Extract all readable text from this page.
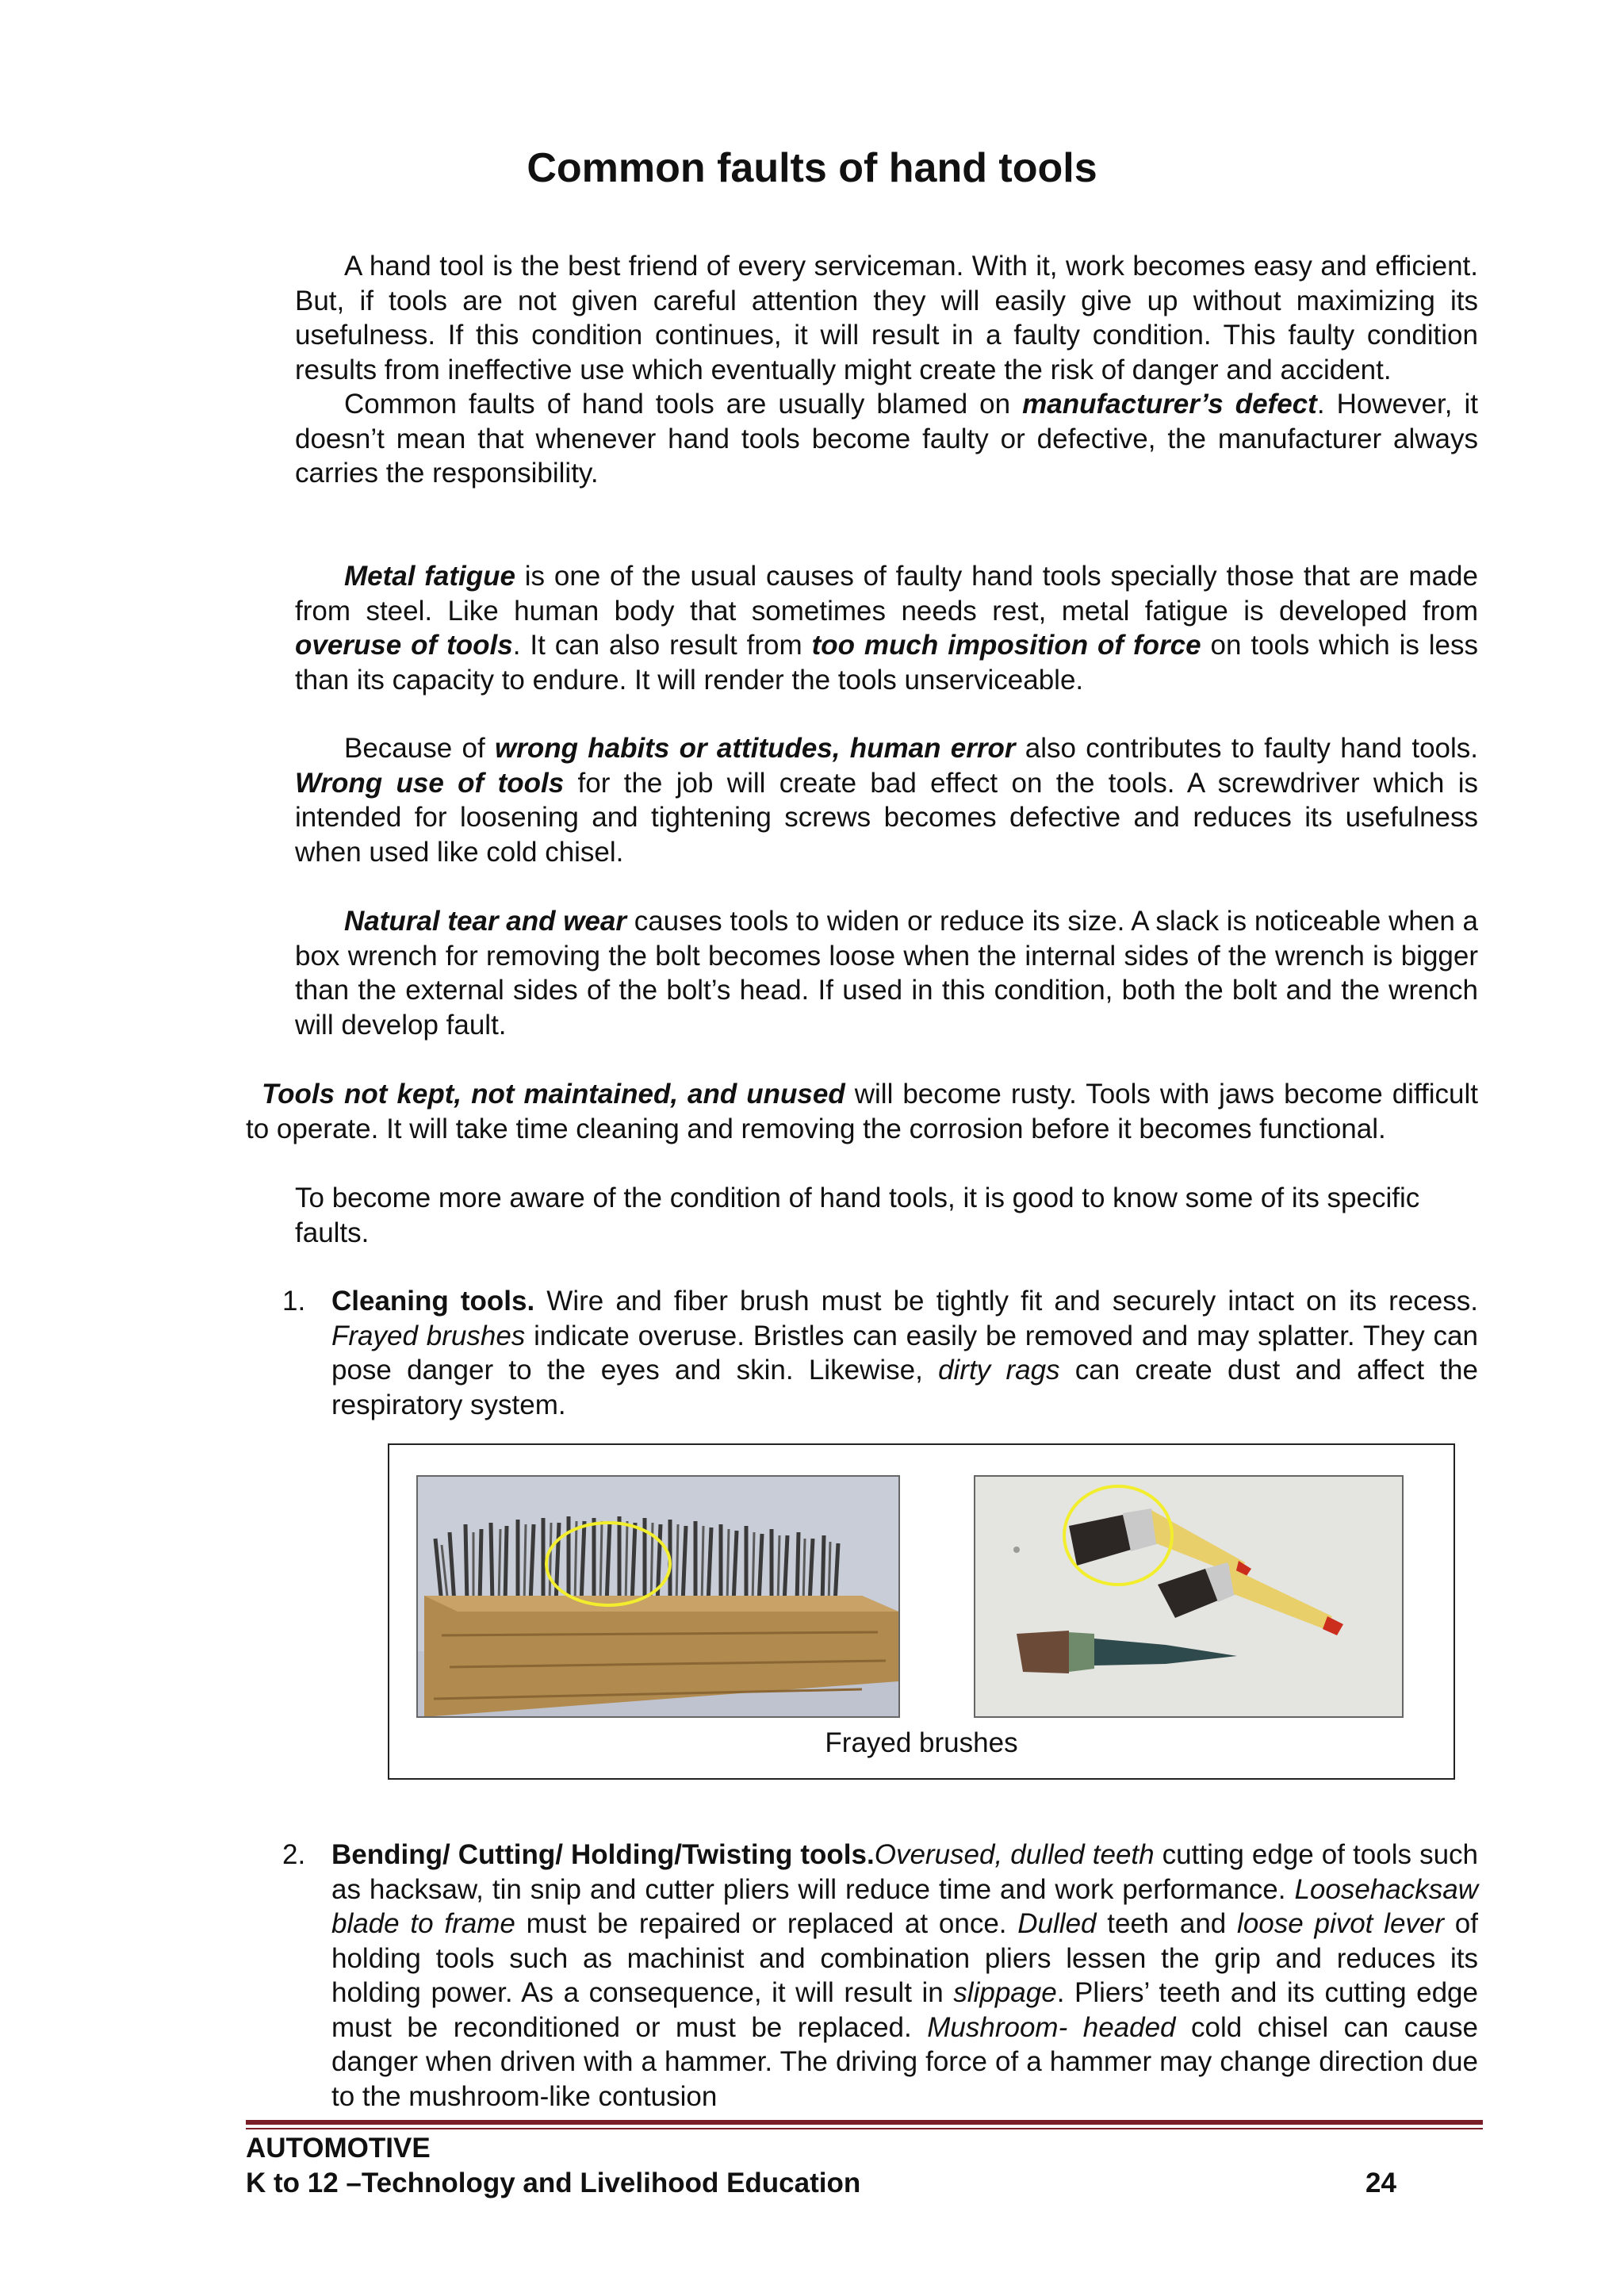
Common faults of hand tools

A hand tool is the best friend of every serviceman. With it, work becomes easy and efficient. But, if tools are not given careful attention they will easily give up without maximizing its usefulness. If this condition continues, it will result in a faulty condition. This faulty condition results from ineffective use which eventually might create the risk of danger and accident.

Common faults of hand tools are usually blamed on manufacturer’s defect. However, it doesn’t mean that whenever hand tools become faulty or defective, the manufacturer always carries the responsibility.

Metal fatigue is one of the usual causes of faulty hand tools specially those that are made from steel. Like human body that sometimes needs rest, metal fatigue is developed from overuse of tools. It can also result from too much imposition of force on tools which is less than its capacity to endure. It will render the tools unserviceable.

Because of wrong habits or attitudes, human error also contributes to faulty hand tools. Wrong use of tools for the job will create bad effect on the tools. A screwdriver which is intended for loosening and tightening screws becomes defective and reduces its usefulness when used like cold chisel.

Natural tear and wear causes tools to widen or reduce its size. A slack is noticeable when a box wrench for removing the bolt becomes loose when the internal sides of the wrench is bigger than the external sides of the bolt’s head. If used in this condition, both the bolt and the wrench will develop fault.

Tools not kept, not maintained, and unused will become rusty. Tools with jaws become difficult to operate. It will take time cleaning and removing the corrosion before it becomes functional.

To become more aware of the condition of hand tools, it is good to know some of its specific faults.

1. Cleaning tools. Wire and fiber brush must be tightly fit and securely intact on its recess. Frayed brushes indicate overuse. Bristles can easily be removed and may splatter. They can pose danger to the eyes and skin. Likewise, dirty rags can create dust and affect the respiratory system.
Frayed brushes
2. Bending/ Cutting/ Holding/Twisting tools.Overused, dulled teeth cutting edge of tools such as hacksaw, tin snip and cutter pliers will reduce time and work performance. Loosehacksaw blade to frame must be repaired or replaced at once. Dulled teeth and loose pivot lever of holding tools such as machinist and combination pliers lessen the grip and reduces its holding power. As a consequence, it will result in slippage. Pliers’ teeth and its cutting edge must be reconditioned or must be replaced. Mushroom- headed cold chisel can cause danger when driven with a hammer. The driving force of a hammer may change direction due to the mushroom-like contusion
AUTOMOTIVE
K to 12 –Technology and Livelihood Education	24
